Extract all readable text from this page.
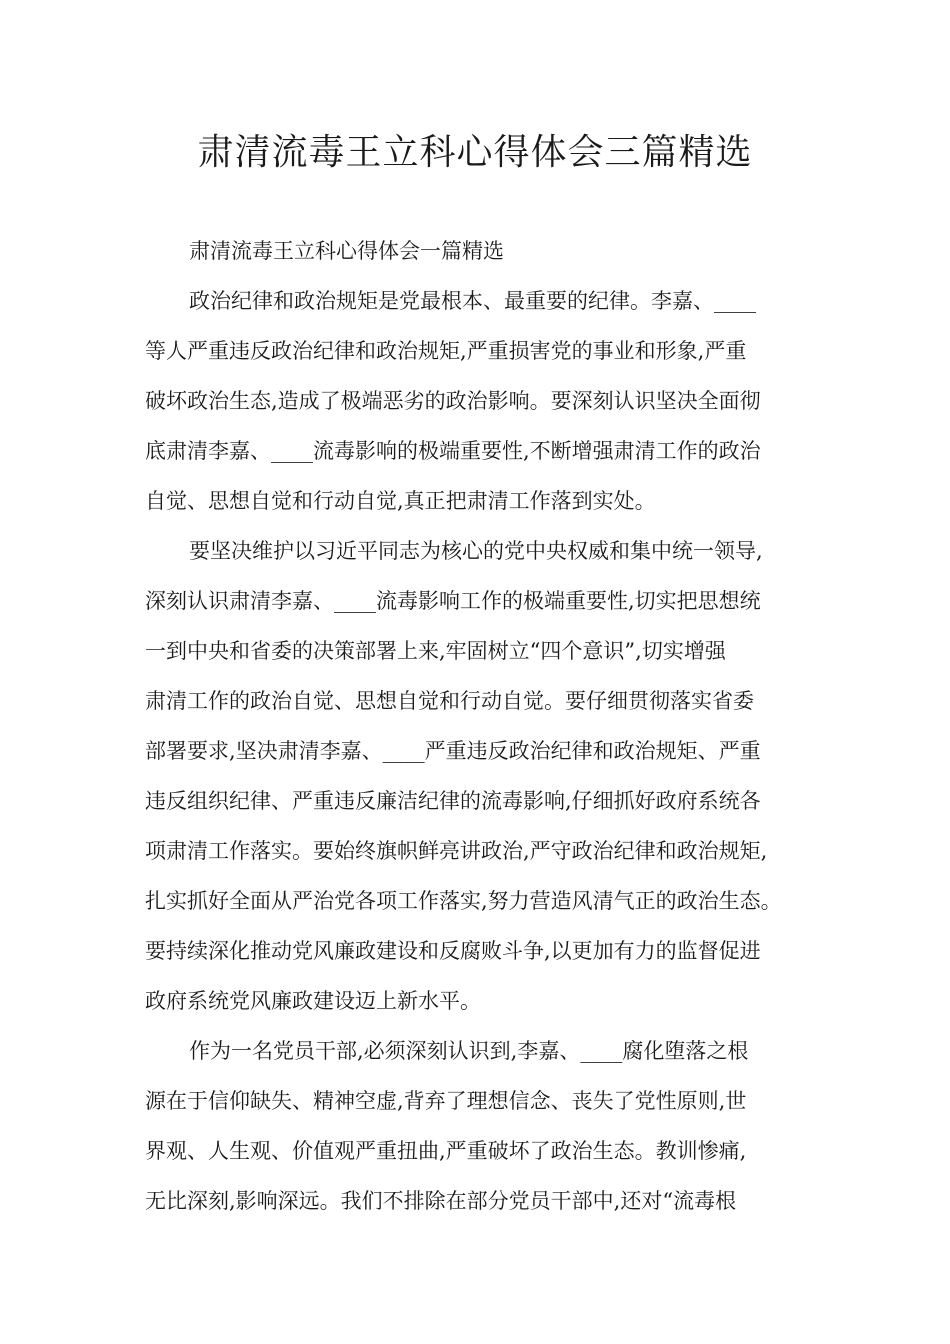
肃清流毒王立科心得体会三篇精选

肃清流毒王立科心得体会一篇精选

政治纪律和政治规矩是党最根本、最重要的纪律。李嘉、____

等人严重违反政治纪律和政治规矩,严重损害党的事业和形象,严重

破坏政治生态,造成了极端恶劣的政治影响。要深刻认识坚决全面彻

底肃清李嘉、____流毒影响的极端重要性,不断增强肃清工作的政治

自觉、思想自觉和行动自觉,真正把肃清工作落到实处。

要坚决维护以习近平同志为核心的党中央权威和集中统一领导,

深刻认识肃清李嘉、____流毒影响工作的极端重要性,切实把思想统

一到中央和省委的决策部署上来,牢固树立“四个意识”,切实增强

肃清工作的政治自觉、思想自觉和行动自觉。要仔细贯彻落实省委

部署要求,坚决肃清李嘉、____严重违反政治纪律和政治规矩、严重

违反组织纪律、严重违反廉洁纪律的流毒影响,仔细抓好政府系统各

项肃清工作落实。要始终旗帜鲜亮讲政治,严守政治纪律和政治规矩,

扎实抓好全面从严治党各项工作落实,努力营造风清气正的政治生态。

要持续深化推动党风廉政建设和反腐败斗争,以更加有力的监督促进

政府系统党风廉政建设迈上新水平。

作为一名党员干部,必须深刻认识到,李嘉、____腐化堕落之根

源在于信仰缺失、精神空虚,背弃了理想信念、丧失了党性原则,世

界观、人生观、价值观严重扭曲,严重破坏了政治生态。教训惨痛,

无比深刻,影响深远。我们不排除在部分党员干部中,还对“流毒根
